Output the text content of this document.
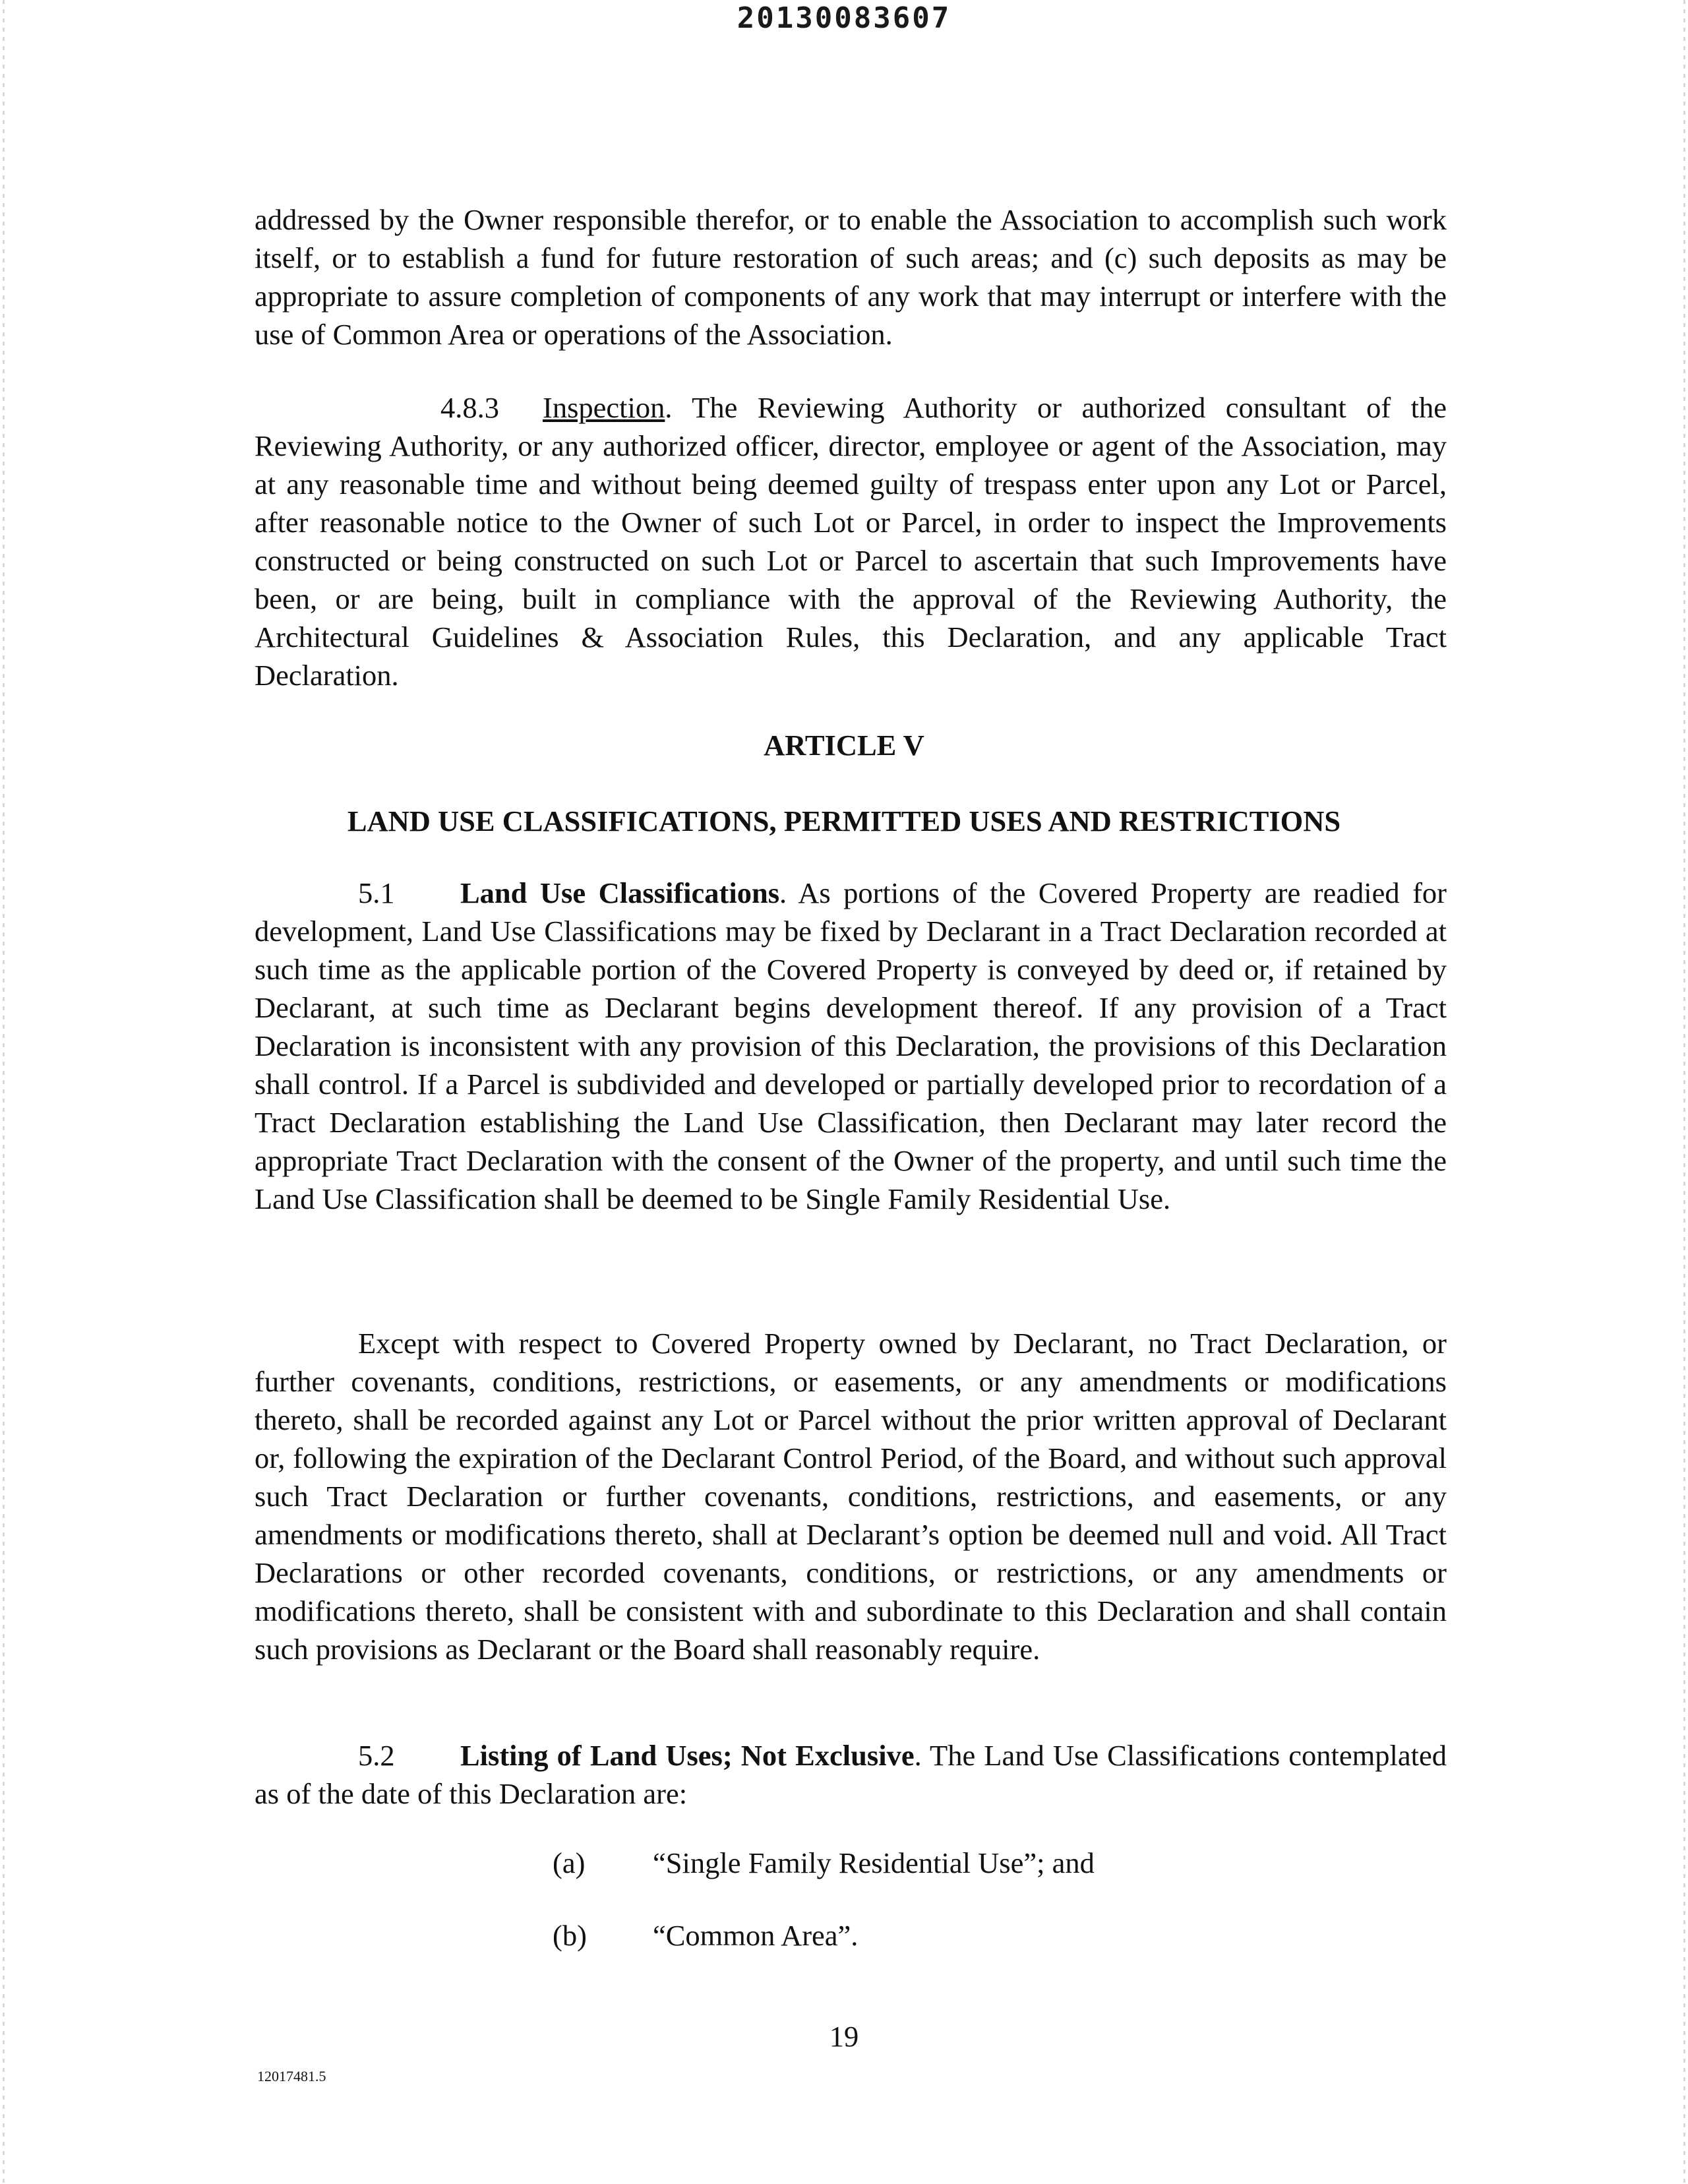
20130083607
addressed by the Owner responsible therefor, or to enable the Association to accomplish such work itself, or to establish a fund for future restoration of such areas; and (c) such deposits as may be appropriate to assure completion of components of any work that may interrupt or interfere with the use of Common Area or operations of the Association.
4.8.3 Inspection. The Reviewing Authority or authorized consultant of the Reviewing Authority, or any authorized officer, director, employee or agent of the Association, may at any reasonable time and without being deemed guilty of trespass enter upon any Lot or Parcel, after reasonable notice to the Owner of such Lot or Parcel, in order to inspect the Improvements constructed or being constructed on such Lot or Parcel to ascertain that such Improvements have been, or are being, built in compliance with the approval of the Reviewing Authority, the Architectural Guidelines & Association Rules, this Declaration, and any applicable Tract Declaration.
ARTICLE V
LAND USE CLASSIFICATIONS, PERMITTED USES AND RESTRICTIONS
5.1 Land Use Classifications. As portions of the Covered Property are readied for development, Land Use Classifications may be fixed by Declarant in a Tract Declaration recorded at such time as the applicable portion of the Covered Property is conveyed by deed or, if retained by Declarant, at such time as Declarant begins development thereof. If any provision of a Tract Declaration is inconsistent with any provision of this Declaration, the provisions of this Declaration shall control. If a Parcel is subdivided and developed or partially developed prior to recordation of a Tract Declaration establishing the Land Use Classification, then Declarant may later record the appropriate Tract Declaration with the consent of the Owner of the property, and until such time the Land Use Classification shall be deemed to be Single Family Residential Use.
Except with respect to Covered Property owned by Declarant, no Tract Declaration, or further covenants, conditions, restrictions, or easements, or any amendments or modifications thereto, shall be recorded against any Lot or Parcel without the prior written approval of Declarant or, following the expiration of the Declarant Control Period, of the Board, and without such approval such Tract Declaration or further covenants, conditions, restrictions, and easements, or any amendments or modifications thereto, shall at Declarant’s option be deemed null and void. All Tract Declarations or other recorded covenants, conditions, or restrictions, or any amendments or modifications thereto, shall be consistent with and subordinate to this Declaration and shall contain such provisions as Declarant or the Board shall reasonably require.
5.2 Listing of Land Uses; Not Exclusive. The Land Use Classifications contemplated as of the date of this Declaration are:
(a) “Single Family Residential Use”; and
(b) “Common Area”.
19
12017481.5
